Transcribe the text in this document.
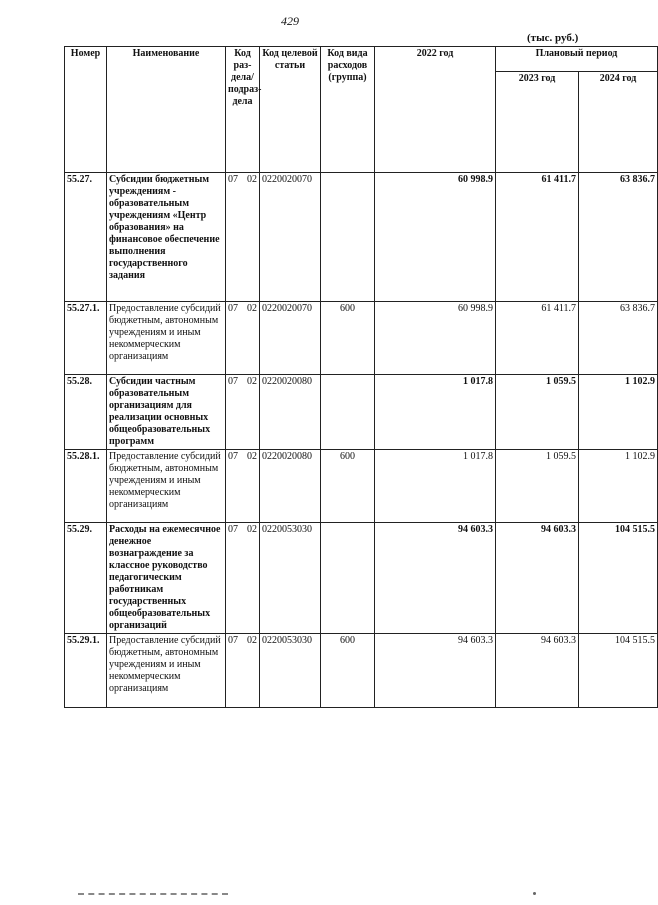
429
(тыс. руб.)
Номер	Наименование	Код раз-дела/ подраз-дела	Код целевой статьи	Код вида расходов (группа)	2022 год	Плановый период	
						2023 год	2024 год
55.27.	Субсидии бюджетным учреждениям - образовательным учреждениям «Центр образования» на финансовое обеспечение выполнения государственного задания	07 02	0220020070		60 998.9	61 411.7	63 836.7
55.27.1.	Предоставление субсидий бюджетным, автономным учреждениям и иным некоммерческим организациям	07 02	0220020070	600	60 998.9	61 411.7	63 836.7
55.28.	Субсидии частным образовательным организациям для реализации основных общеобразовательных программ	07 02	0220020080		1 017.8	1 059.5	1 102.9
55.28.1.	Предоставление субсидий бюджетным, автономным учреждениям и иным некоммерческим организациям	07 02	0220020080	600	1 017.8	1 059.5	1 102.9
55.29.	Расходы на ежемесячное денежное вознаграждение за классное руководство педагогическим работникам государственных общеобразовательных организаций	07 02	0220053030		94 603.3	94 603.3	104 515.5
55.29.1.	Предоставление субсидий бюджетным, автономным учреждениям и иным некоммерческим организациям	07 02	0220053030	600	94 603.3	94 603.3	104 515.5
